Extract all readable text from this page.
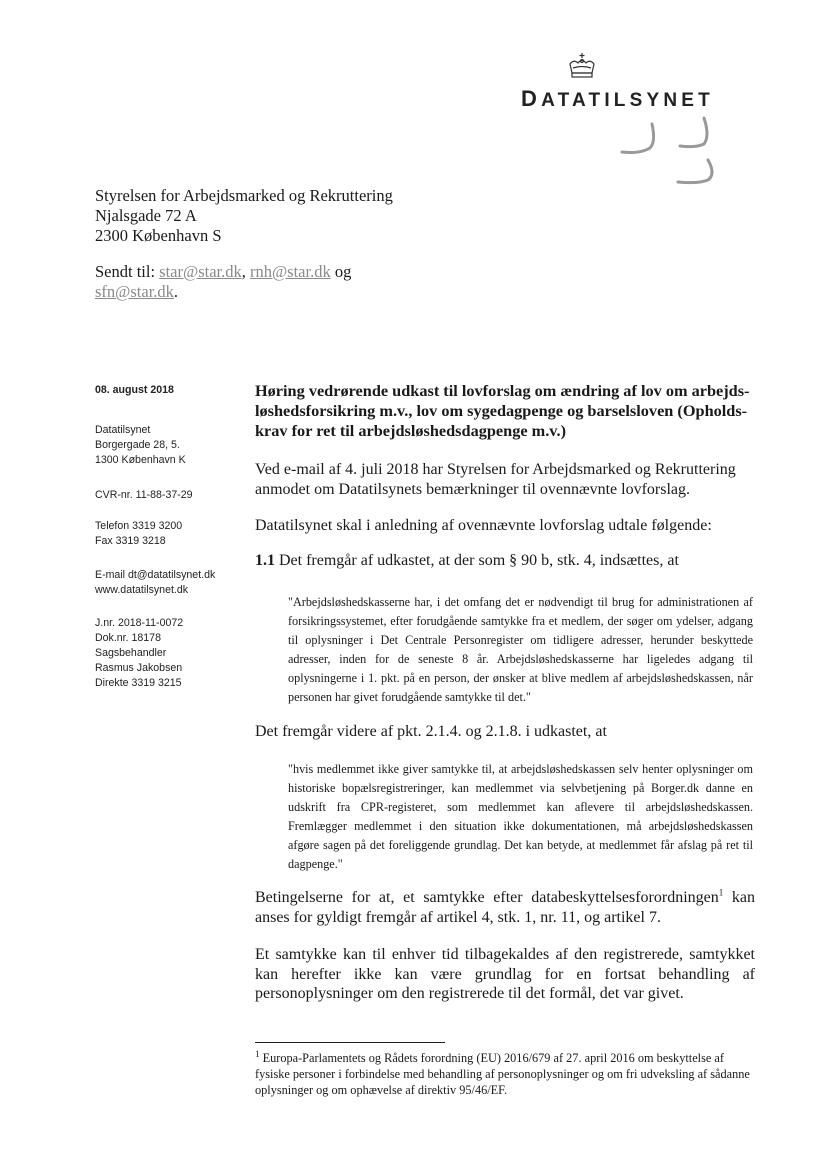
DATATILSYNET
Styrelsen for Arbejdsmarked og Rekruttering
Njalsgade 72 A
2300 København S
Sendt til: star@star.dk, rnh@star.dk og
sfn@star.dk.
08. august 2018
Datatilsynet
Borgergade 28, 5.
1300 København K
CVR-nr. 11-88-37-29
Telefon 3319 3200
Fax 3319 3218
E-mail dt@datatilsynet.dk
www.datatilsynet.dk
J.nr. 2018-11-0072
Dok.nr. 18178
Sagsbehandler
Rasmus Jakobsen
Direkte 3319 3215
Høring vedrørende udkast til lovforslag om ændring af lov om arbejds-
løshedsforsikring m.v., lov om sygedagpenge og barselsloven (Opholds-
krav for ret til arbejdsløshedsdagpenge m.v.)
Ved e-mail af 4. juli 2018 har Styrelsen for Arbejdsmarked og Rekruttering anmodet om Datatilsynets bemærkninger til ovennævnte lovforslag.
Datatilsynet skal i anledning af ovennævnte lovforslag udtale følgende:
1.1 Det fremgår af udkastet, at der som § 90 b, stk. 4, indsættes, at
"Arbejdsløshedskasserne har, i det omfang det er nødvendigt til brug for administrationen af forsikringssystemet, efter forudgående samtykke fra et medlem, der søger om ydelser, adgang til oplysninger i Det Centrale Personregister om tidligere adresser, herunder beskyttede adresser, inden for de seneste 8 år. Arbejdsløshedskasserne har ligeledes adgang til oplysningerne i 1. pkt. på en person, der ønsker at blive medlem af arbejdsløshedskassen, når personen har givet forudgående samtykke til det."
Det fremgår videre af pkt. 2.1.4. og 2.1.8. i udkastet, at
"hvis medlemmet ikke giver samtykke til, at arbejdsløshedskassen selv henter oplysninger om historiske bopælsregistreringer, kan medlemmet via selvbetjening på Borger.dk danne en udskrift fra CPR-registeret, som medlemmet kan aflevere til arbejdsløshedskassen. Fremlægger medlemmet i den situation ikke dokumentationen, må arbejdsløshedskassen afgøre sagen på det foreliggende grundlag. Det kan betyde, at medlemmet får afslag på ret til dagpenge."
Betingelserne for at, et samtykke efter databeskyttelsesforordningen$^1$ kan anses for gyldigt fremgår af artikel 4, stk. 1, nr. 11, og artikel 7.
Et samtykke kan til enhver tid tilbagekaldes af den registrerede, samtykket kan herefter ikke kan være grundlag for en fortsat behandling af personoplysninger om den registrerede til det formål, det var givet.
$^1$ Europa-Parlamentets og Rådets forordning (EU) 2016/679 af 27. april 2016 om beskyttelse af fysiske personer i forbindelse med behandling af personoplysninger og om fri udveksling af sådanne oplysninger og om ophævelse af direktiv 95/46/EF.
